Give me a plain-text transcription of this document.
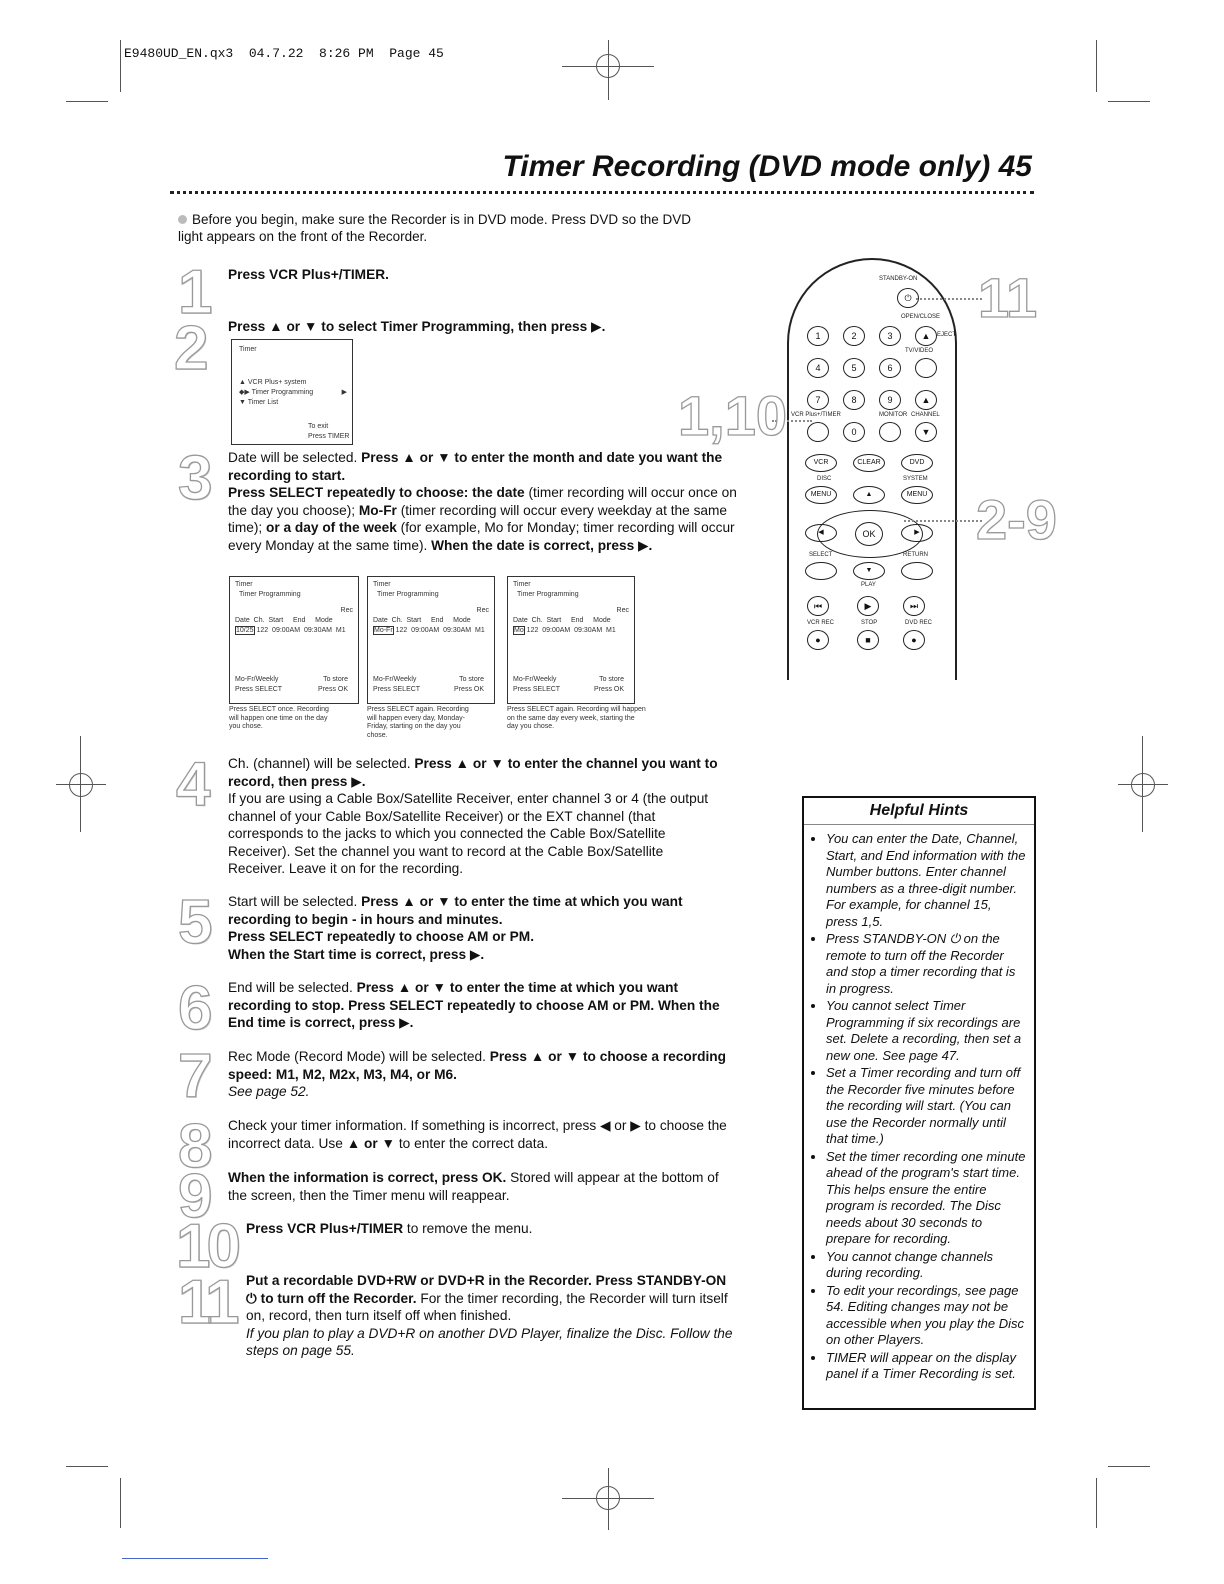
E9480UD_EN.qx3  04.7.22  8:26 PM  Page 45
Timer Recording (DVD mode only) 45
Before you begin, make sure the Recorder is in DVD mode. Press DVD so the DVD light appears on the front of the Recorder.
1 Press VCR Plus+/TIMER.
2 Press ▲ or ▼ to select Timer Programming, then press ▶.
Timer
▲ VCR Plus+ system
◆▶ Timer Programming	▶
▼ Timer List
To exit
Press TIMER
3 Date will be selected. Press ▲ or ▼ to enter the month and date you want the recording to start.
Press SELECT repeatedly to choose: the date (timer recording will occur once on the day you choose); Mo-Fr (timer recording will occur every weekday at the same time); or a day of the week (for example, Mo for Monday; timer recording will occur every Monday at the same time). When the date is correct, press ▶.
Timer
Timer Programming
Rec
Date  Ch.  Start     End     Mode
10/25 122  09:00AM  09:30AM  M1
Mo-Fr/Weekly	To store
Press SELECT	Press OK
Timer
Timer Programming
Rec
Date  Ch.  Start     End     Mode
Mo-Fr 122  09:00AM  09:30AM  M1
Mo-Fr/Weekly	To store
Press SELECT	Press OK
Timer
Timer Programming
Rec
Date  Ch.  Start     End     Mode
Mo 122  09:00AM  09:30AM  M1
Mo-Fr/Weekly	To store
Press SELECT	Press OK
Press SELECT once. Recording will happen one time on the day you chose.
Press SELECT again. Recording will happen every day, Monday-Friday, starting on the day you chose.
Press SELECT again. Recording will happen on the same day every week, starting the day you chose.
4 Ch. (channel) will be selected. Press ▲ or ▼ to enter the channel you want to record, then press ▶.
If you are using a Cable Box/Satellite Receiver, enter channel 3 or 4 (the output channel of your Cable Box/Satellite Receiver) or the EXT channel (that corresponds to the jacks to which you connected the Cable Box/Satellite Receiver). Set the channel you want to record at the Cable Box/Satellite Receiver. Leave it on for the recording.
5 Start will be selected. Press ▲ or ▼ to enter the time at which you want recording to begin - in hours and minutes.
Press SELECT repeatedly to choose AM or PM.
When the Start time is correct, press ▶.
6 End will be selected. Press ▲ or ▼ to enter the time at which you want recording to stop. Press SELECT repeatedly to choose AM or PM. When the End time is correct, press ▶.
7 Rec Mode (Record Mode) will be selected. Press ▲ or ▼ to choose a recording speed: M1, M2, M2x, M3, M4, or M6.
See page 52.
8 Check your timer information. If something is incorrect, press ◀ or ▶ to choose the incorrect data. Use ▲ or ▼ to enter the correct data.
9 When the information is correct, press OK. Stored will appear at the bottom of the screen, then the Timer menu will reappear.
10 Press VCR Plus+/TIMER to remove the menu.
11 Put a recordable DVD+RW or DVD+R in the Recorder. Press STANDBY-ON ⏻ to turn off the Recorder. For the timer recording, the Recorder will turn itself on, record, then turn itself off when finished.
If you plan to play a DVD+R on another DVD Player, finalize the Disc. Follow the steps on page 55.
STANDBY-ON
⏻
OPEN/CLOSE
1	2	3	▲	EJECT
TV/VIDEO
4	5	6
7	8	9	▲
VCR Plus+/TIMER	MONITOR CHANNEL
0	▼
VCR	CLEAR	DVD
DISC	SYSTEM
MENU	▲	MENU
◀	OK	▶
SELECT	RETURN
▼
PLAY
⏮	▶	⏭
VCR REC	STOP	DVD REC
●	■	●
11
1,10
2-9
Helpful Hints
• You can enter the Date, Channel, Start, and End information with the Number buttons. Enter channel numbers as a three-digit number. For example, for channel 15, press 1,5.
• Press STANDBY-ON ⏻ on the remote to turn off the Recorder and stop a timer recording that is in progress.
• You cannot select Timer Programming if six recordings are set. Delete a recording, then set a new one. See page 47.
• Set a Timer recording and turn off the Recorder five minutes before the recording will start. (You can use the Recorder normally until that time.)
• Set the timer recording one minute ahead of the program's start time. This helps ensure the entire program is recorded. The Disc needs about 30 seconds to prepare for recording.
• You cannot change channels during recording.
• To edit your recordings, see page 54. Editing changes may not be accessible when you play the Disc on other Players.
• TIMER will appear on the display panel if a Timer Recording is set.
